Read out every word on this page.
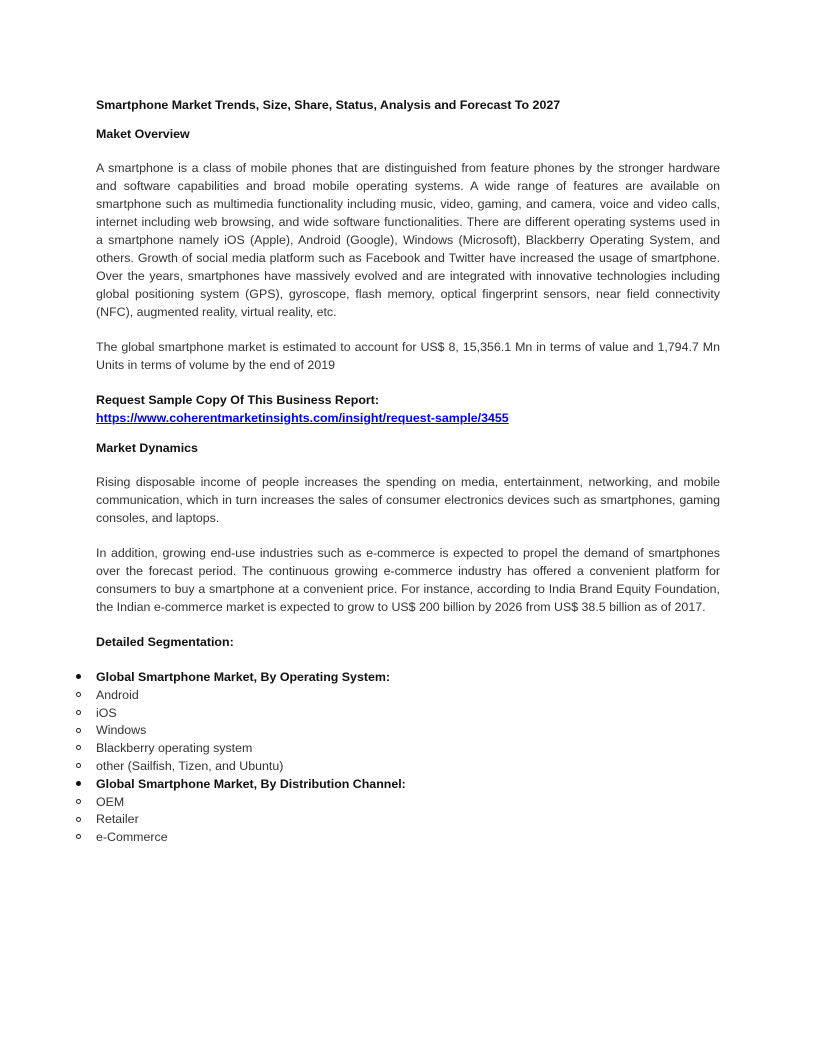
Smartphone Market Trends, Size, Share, Status, Analysis and Forecast To 2027

Maket Overview

A smartphone is a class of mobile phones that are distinguished from feature phones by the stronger hardware and software capabilities and broad mobile operating systems. A wide range of features are available on smartphone such as multimedia functionality including music, video, gaming, and camera, voice and video calls, internet including web browsing, and wide software functionalities. There are different operating systems used in a smartphone namely iOS (Apple), Android (Google), Windows (Microsoft), Blackberry Operating System, and others. Growth of social media platform such as Facebook and Twitter have increased the usage of smartphone. Over the years, smartphones have massively evolved and are integrated with innovative technologies including global positioning system (GPS), gyroscope, flash memory, optical fingerprint sensors, near field connectivity (NFC), augmented reality, virtual reality, etc.

The global smartphone market is estimated to account for US$ 8, 15,356.1 Mn in terms of value and 1,794.7 Mn Units in terms of volume by the end of 2019

Request Sample Copy Of This Business Report:

https://www.coherentmarketinsights.com/insight/request-sample/3455

Market Dynamics

Rising disposable income of people increases the spending on media, entertainment, networking, and mobile communication, which in turn increases the sales of consumer electronics devices such as smartphones, gaming consoles, and laptops.

In addition, growing end-use industries such as e-commerce is expected to propel the demand of smartphones over the forecast period. The continuous growing e-commerce industry has offered a convenient platform for consumers to buy a smartphone at a convenient price. For instance, according to India Brand Equity Foundation, the Indian e-commerce market is expected to grow to US$ 200 billion by 2026 from US$ 38.5 billion as of 2017.

Detailed Segmentation:

Global Smartphone Market, By Operating System:
Android
iOS
Windows
Blackberry operating system
other (Sailfish, Tizen, and Ubuntu)
Global Smartphone Market, By Distribution Channel:
OEM
Retailer
e-Commerce
